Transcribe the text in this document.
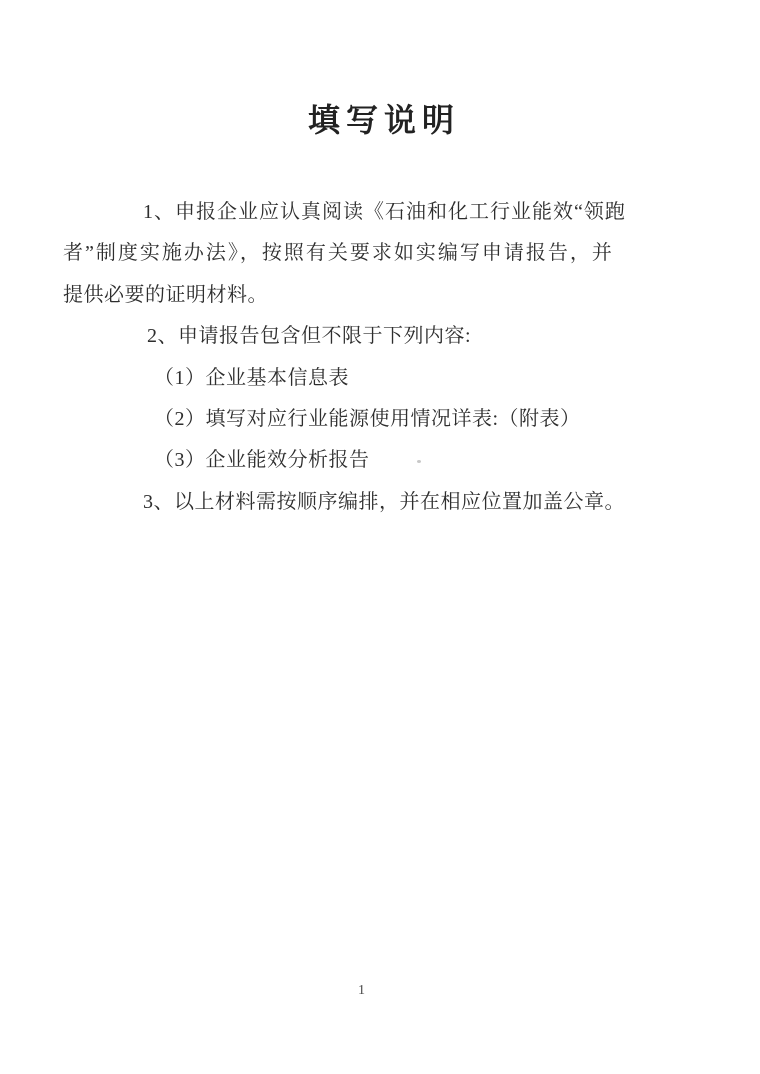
填写说明
1、申报企业应认真阅读《石油和化工行业能效“领跑
者”制度实施办法》，按照有关要求如实编写申请报告，并
提供必要的证明材料。
2、申请报告包含但不限于下列内容:
（1）企业基本信息表
（2）填写对应行业能源使用情况详表:（附表）
（3）企业能效分析报告
3、以上材料需按顺序编排，并在相应位置加盖公章。
1
